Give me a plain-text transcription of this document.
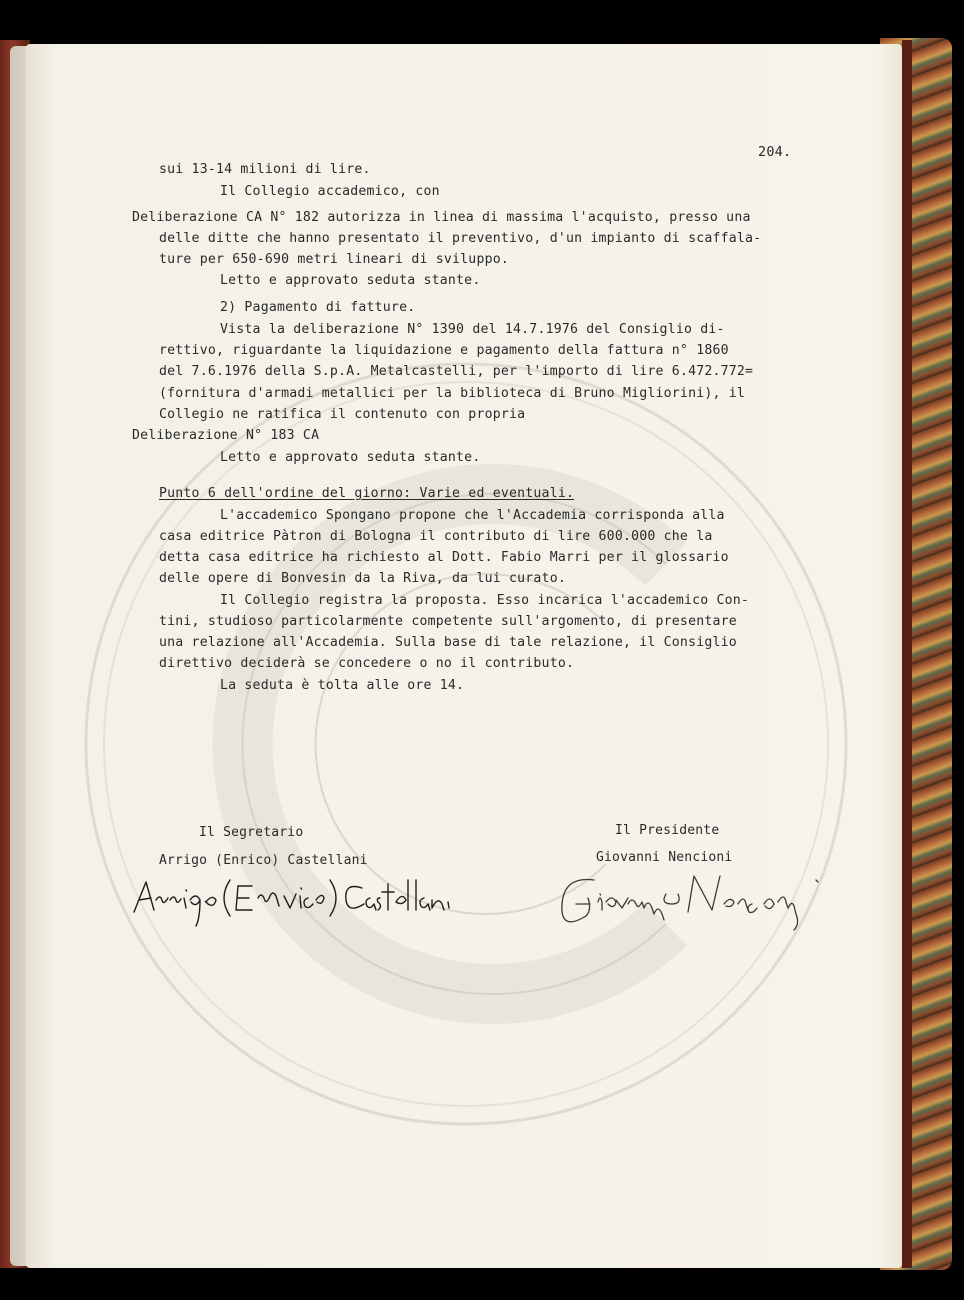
204.
sui 13-14 milioni di lire.
Il Collegio accademico, con
Deliberazione CA N° 182 autorizza in linea di massima l'acquisto, presso una
delle ditte che hanno presentato il preventivo, d'un impianto di scaffala-
ture per 650-690 metri lineari di sviluppo.
Letto e approvato seduta stante.
2) Pagamento di fatture.
Vista la deliberazione N° 1390 del 14.7.1976 del Consiglio di-
rettivo, riguardante la liquidazione e pagamento della fattura n° 1860
del 7.6.1976 della S.p.A. Metalcastelli, per l'importo di lire 6.472.772=
(fornitura d'armadi metallici per la biblioteca di Bruno Migliorini), il
Collegio ne ratifica il contenuto con propria
Deliberazione N° 183 CA
Letto e approvato seduta stante.
Punto 6 dell'ordine del giorno: Varie ed eventuali.
L'accademico Spongano propone che l'Accademia corrisponda alla
casa editrice Pàtron di Bologna il contributo di lire 600.000 che la
detta casa editrice ha richiesto al Dott. Fabio Marri per il glossario
delle opere di Bonvesin da la Riva, da lui curato.
Il Collegio registra la proposta. Esso incarica l'accademico Con-
tini, studioso particolarmente competente sull'argomento, di presentare
una relazione all'Accademia. Sulla base di tale relazione, il Consiglio
direttivo deciderà se concedere o no il contributo.
La seduta è tolta alle ore 14.
Il Segretario
Arrigo (Enrico) Castellani
Il Presidente
Giovanni Nencioni
